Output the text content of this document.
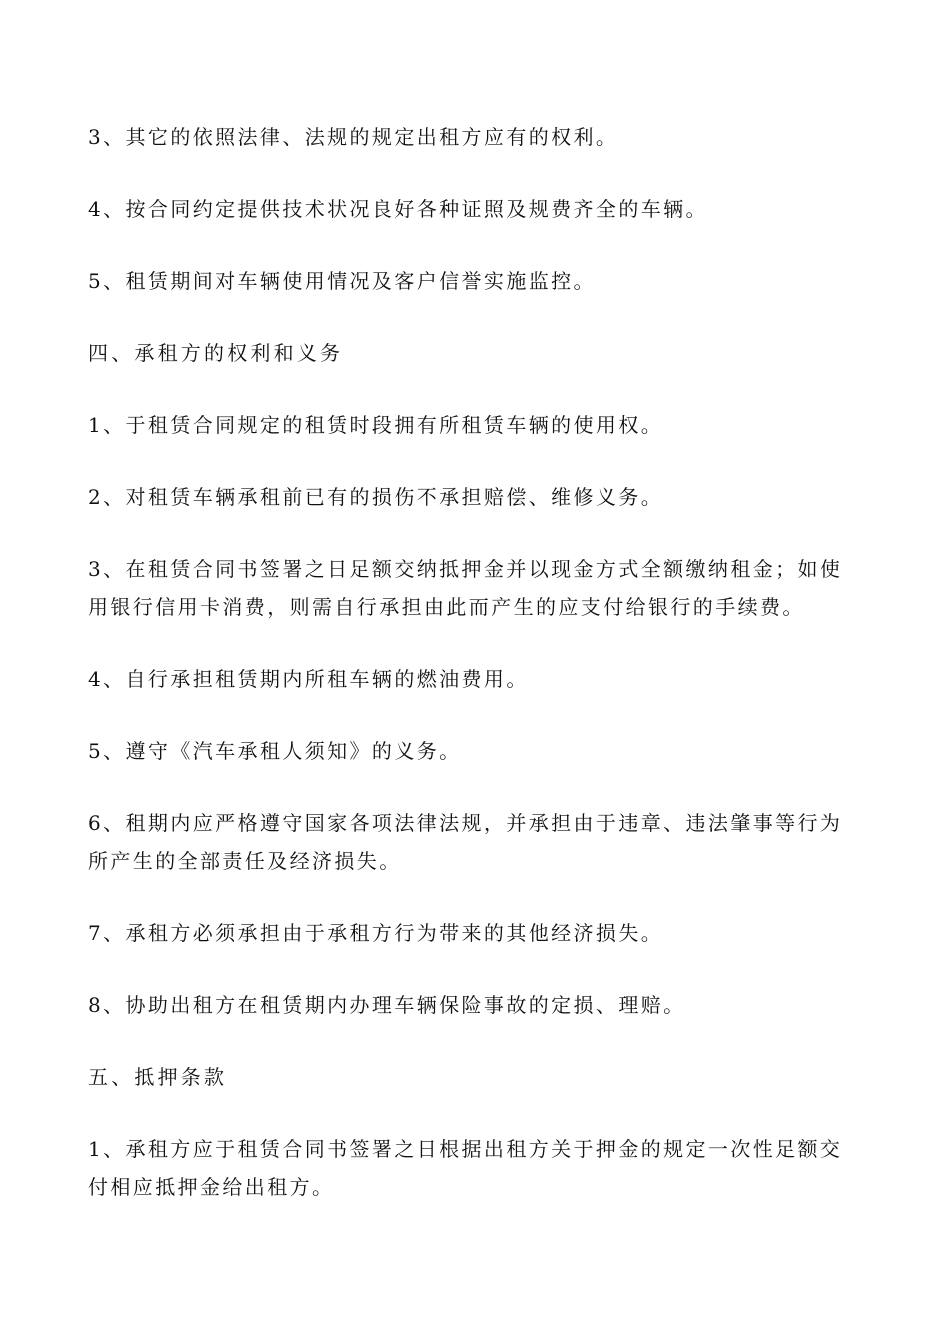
3、其它的依照法律、法规的规定出租方应有的权利。

4、按合同约定提供技术状况良好各种证照及规费齐全的车辆。

5、租赁期间对车辆使用情况及客户信誉实施监控。

四、承租方的权利和义务

1、于租赁合同规定的租赁时段拥有所租赁车辆的使用权。

2、对租赁车辆承租前已有的损伤不承担赔偿、维修义务。

3、在租赁合同书签署之日足额交纳抵押金并以现金方式全额缴纳租金；如使用银行信用卡消费，则需自行承担由此而产生的应支付给银行的手续费。

4、自行承担租赁期内所租车辆的燃油费用。

5、遵守《汽车承租人须知》的义务。

6、租期内应严格遵守国家各项法律法规，并承担由于违章、违法肇事等行为所产生的全部责任及经济损失。

7、承租方必须承担由于承租方行为带来的其他经济损失。

8、协助出租方在租赁期内办理车辆保险事故的定损、理赔。

五、抵押条款

1、承租方应于租赁合同书签署之日根据出租方关于押金的规定一次性足额交付相应抵押金给出租方。
